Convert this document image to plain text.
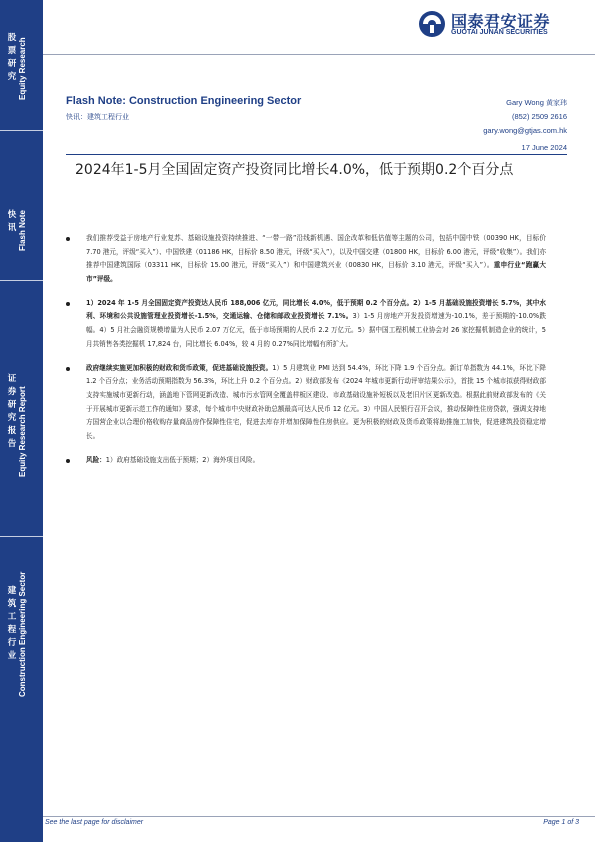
股票研究 Equity Research
快讯 Flash Note
证券研究报告 Equity Research Report
建筑工程行业 Construction Engineering Sector
国泰君安证券
GUOTAI JUNAN SECURITIES
Flash Note: Construction Engineering Sector
快讯：建筑工程行业
Gary Wong 黄家玮
(852) 2509 2616
gary.wong@gtjas.com.hk
17 June 2024
2024年1-5月全国固定资产投资同比增长4.0%，低于预期0.2个百分点
我们推荐受益于房地产行业复苏、基础设施投资持续推进、“一带一路”沿线新机遇、国企改革和低估值等主题的公司，包括中国中铁（00390 HK，目标价 7.70 港元，评级“买入”）、中国铁建（01186 HK，目标价 8.50 港元，评级“买入”），以及中国交建（01800 HK，目标价 6.00 港元，评级“收集”）。我们亦推荐中国建筑国际（03311 HK，目标价 15.00 港元，评级“买入”）和中国建筑兴业（00830 HK，目标价 3.10 港元，评级“买入”）。重申行业“跑赢大市”评级。
1）2024 年 1-5 月全国固定资产投资达人民币 188,006 亿元，同比增长 4.0%，低于预期 0.2 个百分点。2）1-5 月基础设施投资增长 5.7%，其中水利、环境和公共设施管理业投资增长-1.5%，交通运输、仓储和邮政业投资增长 7.1%。3）1-5 月房地产开发投资增速为-10.1%，差于预期的-10.0%跌幅。4）5 月社会融资规模增量为人民币 2.07 万亿元，低于市场预期的人民币 2.2 万亿元。5）据中国工程机械工业协会对 26 家挖掘机制造企业的统计，5 月共销售各类挖掘机 17,824 台，同比增长 6.04%，较 4 月的 0.27%同比增幅有所扩大。
政府继续实施更加积极的财政和货币政策，促进基础设施投资。1）5 月建筑业 PMI 达到 54.4%，环比下降 1.9 个百分点。新订单指数为 44.1%，环比下降 1.2 个百分点；业务活动预期指数为 56.3%，环比上升 0.2 个百分点。2）财政部发布《2024 年城市更新行动评审结果公示》，首批 15 个城市拟获得财政部支持实施城市更新行动，涵盖地下管网更新改造、城市污水管网全覆盖样板区建设、市政基础设施补短板以及老旧片区更新改造。根据此前财政部发布的《关于开展城市更新示范工作的通知》要求，每个城市中央财政补助总额最高可达人民币 12 亿元。3）中国人民银行召开会议，推动保障性住房贷款，强调支持地方国营企业以合理价格收购存量商品房作保障性住宅，促进去库存并增加保障性住房供应。更为积极的财政及货币政策将助推施工加快，促进建筑投资稳定增长。
风险：1）政府基础设施支出低于预期；2）海外项目风险。
See the last page for disclaimer	Page 1 of 3
